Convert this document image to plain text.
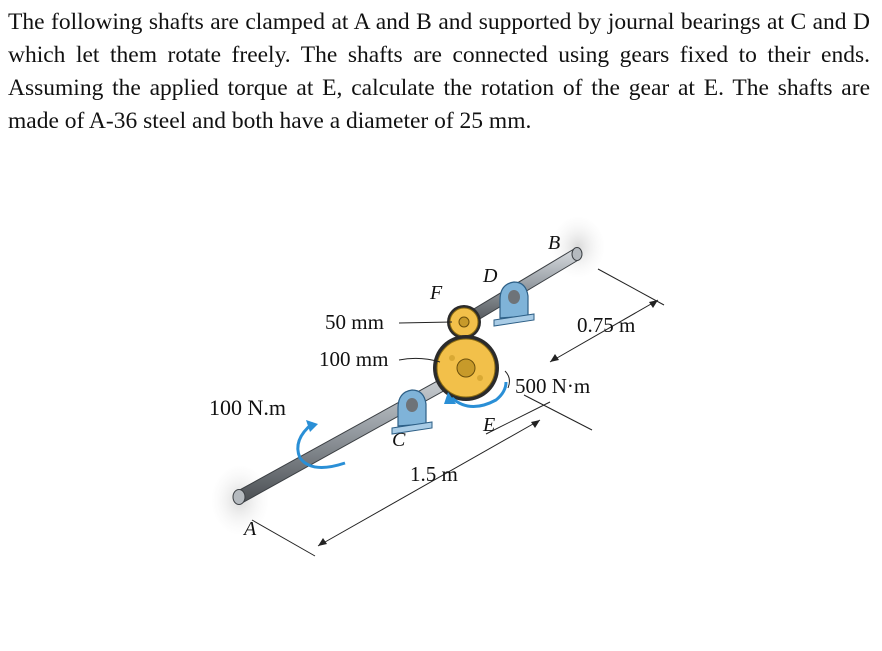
The following shafts are clamped at A and B and supported by journal bearings at C and D which let them rotate freely. The shafts are connected using gears fixed to their ends. Assuming the applied torque at E, calculate the rotation of the gear at E. The shafts are made of A-36 steel and both have a diameter of 25 mm.

A
B
C
D
E
F
50 mm
100 mm
100 N.m
500 N·m
0.75 m
1.5 m
